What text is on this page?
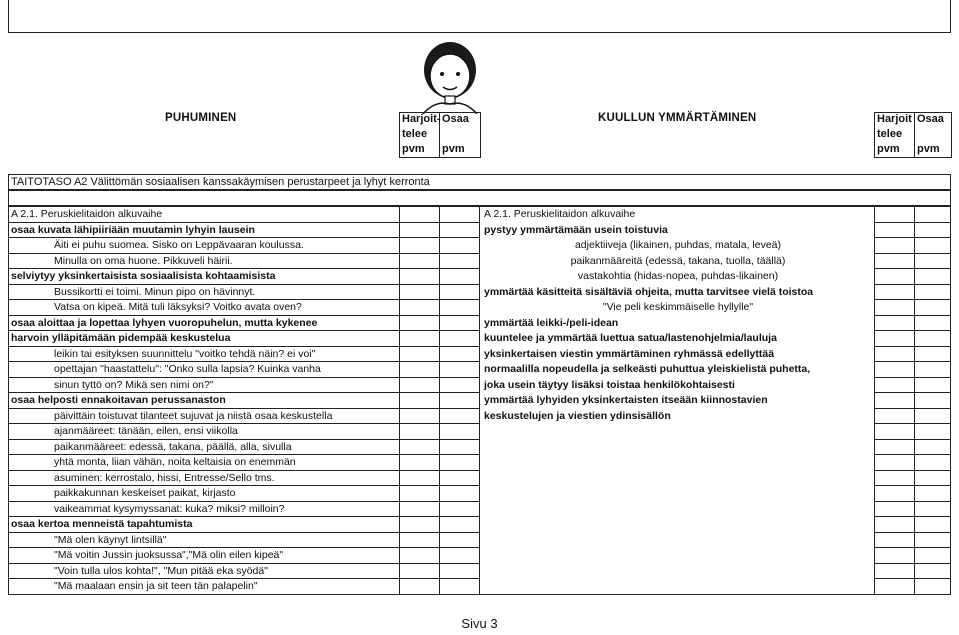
PUHUMINEN	KUULLUN YMMÄRTÄMINEN
Harjoit-
telee
pvm
Osaa
pvm
Harjoit
telee
pvm
Osaa
pvm
TAITOTASO A2 Välittömän sosiaalisen kanssakäymisen perustarpeet ja lyhyt kerronta
A 2.1. Peruskielitaidon alkuvaihe
osaa kuvata lähipiiriään muutamin lyhyin lausein
Äiti ei puhu suomea. Sisko on Leppävaaran koulussa.
Minulla on oma huone. Pikkuveli häirii.
selviytyy yksinkertaisista sosiaalisista kohtaamisista
Bussikortti ei toimi. Minun pipo on hävinnyt.
Vatsa on kipeä. Mitä tuli läksyksi? Voitko avata oven?
osaa aloittaa ja lopettaa lyhyen vuoropuhelun, mutta kykenee
harvoin ylläpitämään pidempää keskustelua
leikin tai esityksen suunnittelu "voitko tehdä näin? ei voi"
opettajan "haastattelu": "Onko sulla lapsia? Kuinka vanha
sinun tyttö on? Mikä sen nimi on?"
osaa helposti ennakoitavan perussanaston
päivittäin toistuvat tilanteet sujuvat ja niistä osaa keskustella
ajanmääreet: tänään, eilen, ensi viikolla
paikanmääreet: edessä, takana, päällä, alla, sivulla
yhtä monta, liian vähän, noita keltaisia on enemmän
asuminen: kerrostalo, hissi, Entresse/Sello tms.
paikkakunnan keskeiset paikat, kirjasto
vaikeammat kysymyssanat: kuka? miksi? milloin?
osaa kertoa menneistä tapahtumista
"Mä olen käynyt lintsillä"
"Mä voitin Jussin juoksussa","Mä olin eilen kipeä"
"Voin tulla ulos kohta!", "Mun pitää eka syödä"
"Mä maalaan ensin ja sit teen tän palapelin"
A 2.1. Peruskielitaidon alkuvaihe
pystyy ymmärtämään usein toistuvia
adjektiiveja (likainen, puhdas, matala, leveä)
paikanmääreitä (edessä, takana, tuolla, täällä)
vastakohtia (hidas-nopea, puhdas-likainen)
ymmärtää käsitteitä sisältäviä ohjeita, mutta tarvitsee vielä toistoa
"Vie peli keskimmäiselle hyllylle"
ymmärtää leikki-/peli-idean
kuuntelee ja ymmärtää luettua satua/lastenohjelmia/lauluja
yksinkertaisen viestin ymmärtäminen ryhmässä edellyttää
normaalilla nopeudella ja selkeästi puhuttua yleiskielistä puhetta,
joka usein täytyy lisäksi toistaa henkilökohtaisesti
ymmärtää lyhyiden yksinkertaisten itseään kiinnostavien
keskustelujen ja viestien ydinsisällön
Sivu 3
